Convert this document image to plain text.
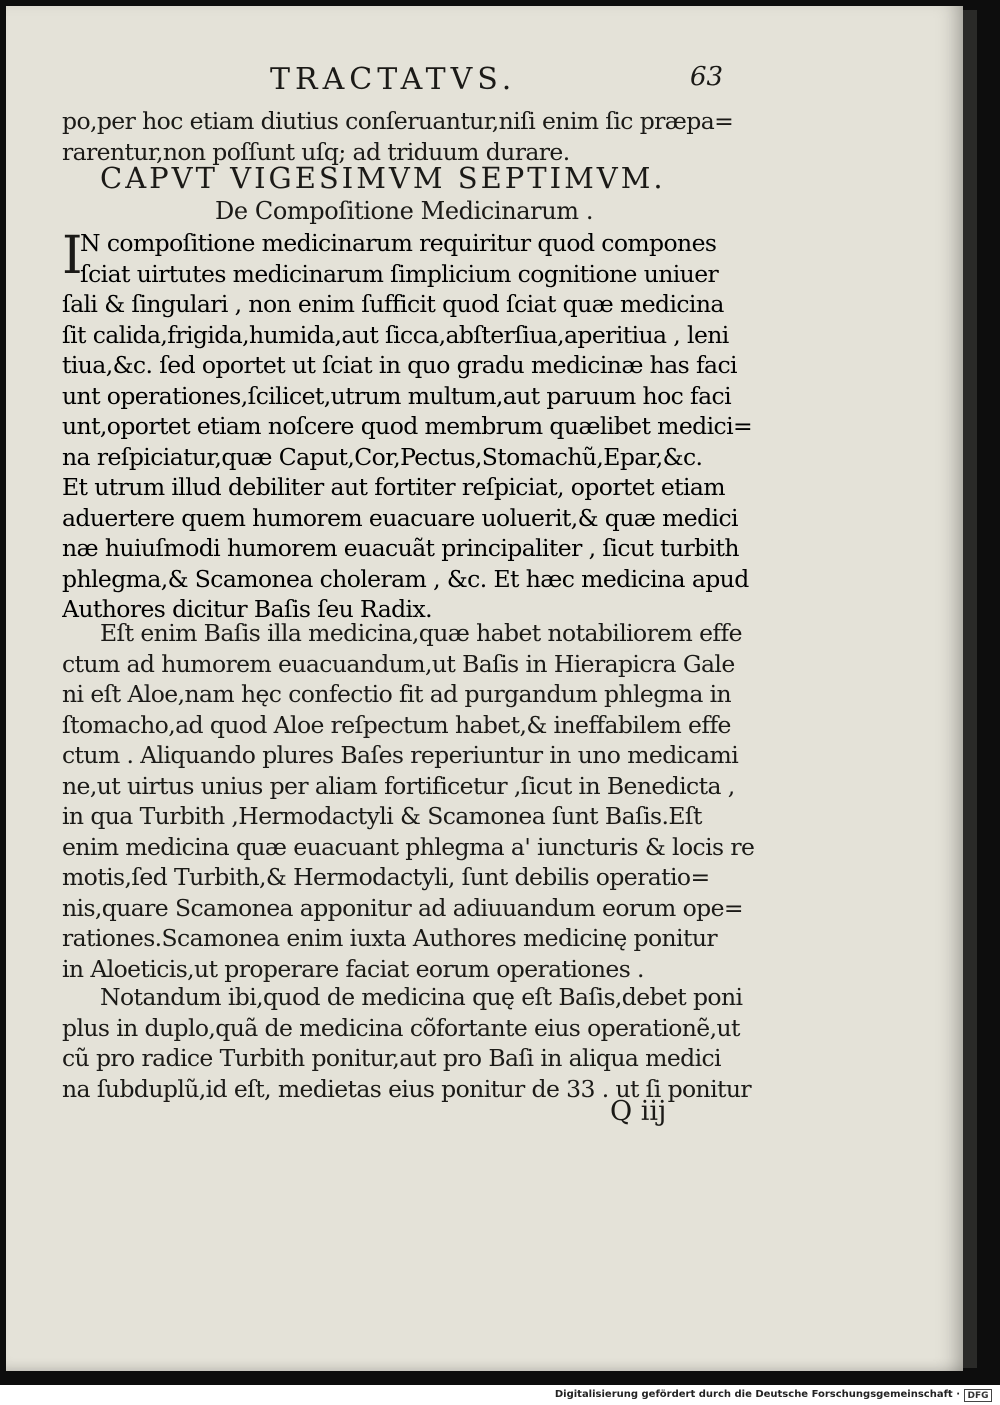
TRACTATVS.	63
po,per hoc etiam diutius conſeruantur,niſi enim ſic præpa=
rarentur,non poſſunt uſq; ad triduum durare.
CAPVT VIGESIMVM SEPTIMVM.
De Compoſitione Medicinarum .
I
N compoſitione medicinarum requiritur quod compones
ſciat uirtutes medicinarum ſimplicium cognitione uniuer
ſali & ſingulari , non enim ſufficit quod ſciat quæ medicina
ſit calida,frigida,humida,aut ſicca,abſterſiua,aperitiua , leni
tiua,&c. ſed oportet ut ſciat in quo gradu medicinæ has faci
unt operationes,ſcilicet,utrum multum,aut paruum hoc faci
unt,oportet etiam noſcere quod membrum quælibet medici=
na reſpiciatur,quæ Caput,Cor,Pectus,Stomachũ,Epar,&c.
Et utrum illud debiliter aut fortiter reſpiciat, oportet etiam
aduertere quem humorem euacuare uoluerit,& quæ medici
næ huiuſmodi humorem euacuãt principaliter , ſicut turbith
phlegma,& Scamonea choleram , &c. Et hæc medicina apud
Authores dicitur Baſis ſeu Radix.
Eſt enim Baſis illa medicina,quæ habet notabiliorem effe
ctum ad humorem euacuandum,ut Baſis in Hierapicra Gale
ni eſt Aloe,nam hęc confectio fit ad purgandum phlegma in
ſtomacho,ad quod Aloe reſpectum habet,& ineffabilem effe
ctum . Aliquando plures Baſes reperiuntur in uno medicami
ne,ut uirtus unius per aliam fortificetur ,ſicut in Benedicta ,
in qua Turbith ,Hermodactyli & Scamonea ſunt Baſis.Eſt
enim medicina quæ euacuant phlegma a' iuncturis & locis re
motis,ſed Turbith,& Hermodactyli, ſunt debilis operatio=
nis,quare Scamonea apponitur ad adiuuandum eorum ope=
rationes.Scamonea enim iuxta Authores medicinę ponitur
in Aloeticis,ut properare faciat eorum operationes .
Notandum ibi,quod de medicina quę eſt Baſis,debet poni
plus in duplo,quã de medicina cõfortante eius operationẽ,ut
cũ pro radice Turbith ponitur,aut pro Baſi in aliqua medici
na ſubduplũ,id eſt, medietas eius ponitur de 33 . ut ſi ponitur
Q iij
Digitalisierung gefördert durch die Deutsche Forschungsgemeinschaft · DFG
